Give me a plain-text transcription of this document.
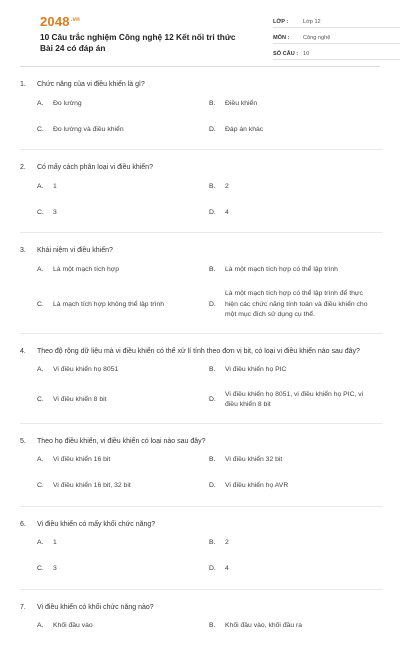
$2048^{.vn}$
10 Câu trắc nghiệm Công nghệ 12 Kết nối tri thức Bài 24 có đáp án
LỚP :	Lớp 12
MÔN :	Công nghệ
SỐ CÂU : 10
1.	Chức năng của vi điều khiển là gì?
A.	Đo lường	B.	Điều khiển
C.	Đo lường và điều khiển	D.	Đáp án khác
2.	Có mấy cách phân loại vi điều khiển?
A.	1	B.	2
C.	3	D.	4
3.	Khái niệm vi điều khiển?
A.	Là một mạch tích hợp	B.	Là một mạch tích hợp có thể lập trình
C.	Là mạch tích hợp không thể lập trình	D.
Là một mạch tích hợp có thể lập trình để thực hiện các chức năng tính toán và điều khiển cho một mục đích sử dụng cụ thể.
4.	Theo độ rộng dữ liệu mà vi điều khiển có thể xử lí tính theo đơn vị bit, có loại vi điều khiển nào sau đây?
A.	Vi điều khiển họ 8051	B.	Vi điều khiển họ PIC
C.	Vi điều khiển 8 bit	D.
Vi điều khiển họ 8051, vi điều khiển họ PIC, vi điều khiển 8 bit
5.	Theo họ điều khiển, vi điều khiển có loại nào sau đây?
A.	Vi điều khiển 16 bit	B.	Vi điều khiển 32 bit
C.	Vi điều khiển 16 bit, 32 bit	D.	Vi điều khiển họ AVR
6.	Vi điều khiển có mấy khối chức năng?
A.	1	B.	2
C.	3	D.	4
7.	Vi điều khiển có khối chức năng nào?
A.	Khối đầu vào	B.	Khối đầu vào, khối đầu ra
